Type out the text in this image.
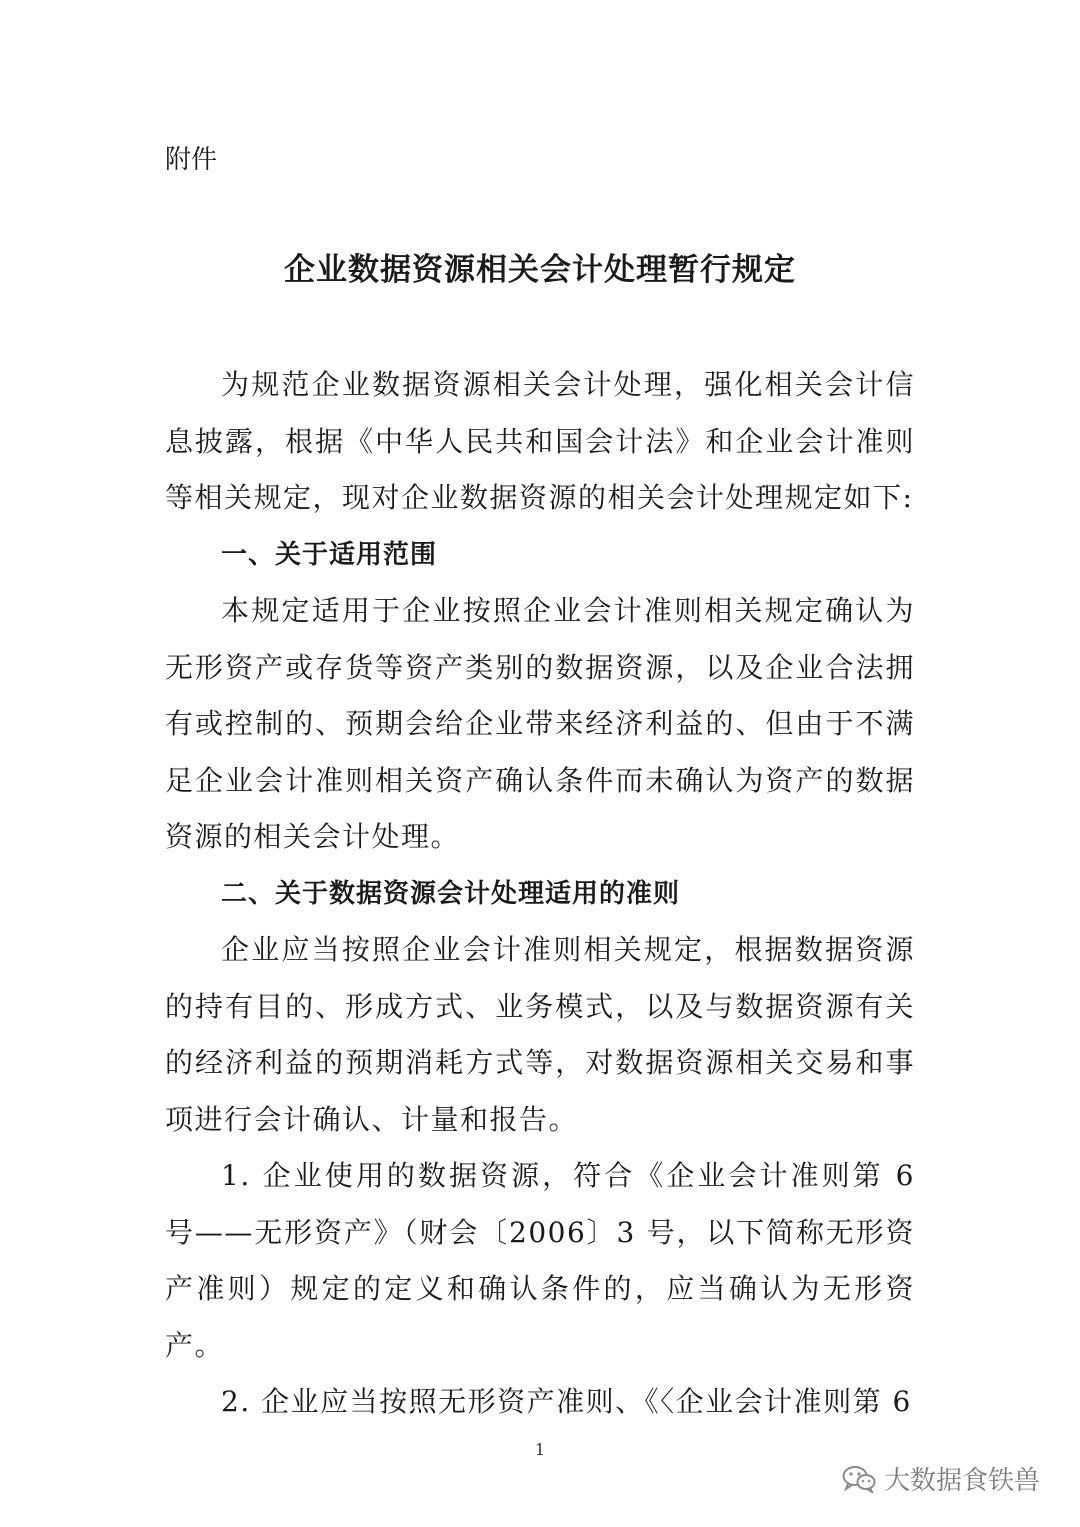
附件

企业数据资源相关会计处理暂行规定

为规范企业数据资源相关会计处理，强化相关会计信息披露，根据《中华人民共和国会计法》和企业会计准则等相关规定，现对企业数据资源的相关会计处理规定如下:

一、关于适用范围

本规定适用于企业按照企业会计准则相关规定确认为无形资产或存货等资产类别的数据资源，以及企业合法拥有或控制的、预期会给企业带来经济利益的、但由于不满足企业会计准则相关资产确认条件而未确认为资产的数据资源的相关会计处理。

二、关于数据资源会计处理适用的准则

企业应当按照企业会计准则相关规定，根据数据资源的持有目的、形成方式、业务模式，以及与数据资源有关的经济利益的预期消耗方式等，对数据资源相关交易和事项进行会计确认、计量和报告。

1. 企业使用的数据资源，符合《企业会计准则第 6 号——无形资产》（财会〔2006〕3 号，以下简称无形资产准则）规定的定义和确认条件的，应当确认为无形资产。

2. 企业应当按照无形资产准则、《〈企业会计准则第 6

1
大数据食铁兽
